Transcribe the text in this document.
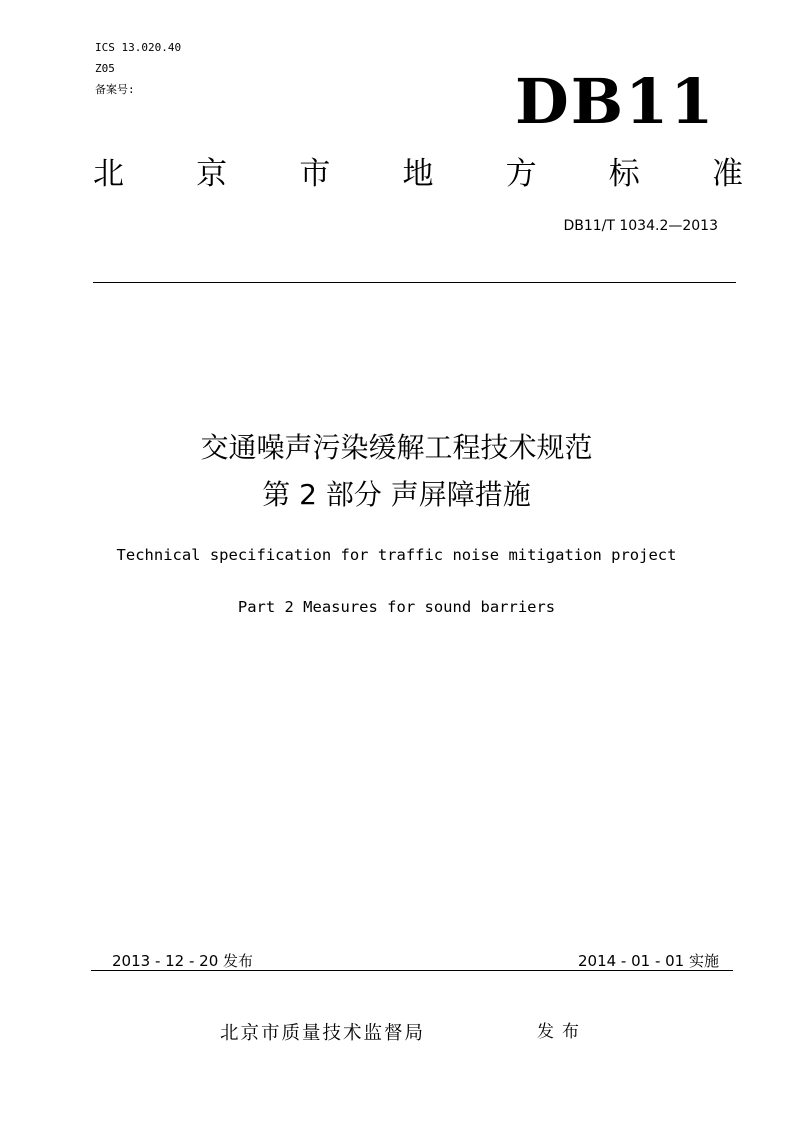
ICS 13.020.40
Z05
备案号:	DB11
北 京 市 地 方 标 准
DB11/T 1034.2—2013
交通噪声污染缓解工程技术规范
第 2 部分 声屏障措施
Technical specification for traffic noise mitigation project
Part 2 Measures for sound barriers
2013 - 12 - 20 发布	2014 - 01 - 01 实施
北京市质量技术监督局	发布
